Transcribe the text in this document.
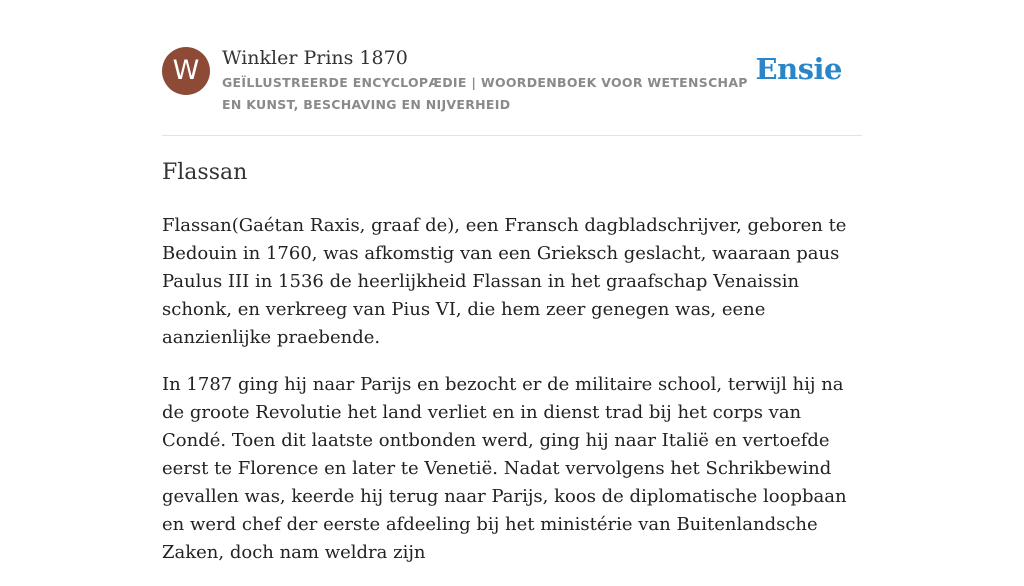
W	Winkler Prins 1870
GEÏLLUSTREERDE ENCYCLOPÆDIE | WOORDENBOEK VOOR WETENSCHAP EN KUNST, BESCHAVING EN NIJVERHEID
Ensie
Flassan

Flassan(Gaétan Raxis, graaf de), een Fransch dagbladschrijver, geboren te Bedouin in 1760, was afkomstig van een Grieksch geslacht, waaraan paus Paulus III in 1536 de heerlijkheid Flassan in het graafschap Venaissin schonk, en verkreeg van Pius VI, die hem zeer genegen was, eene aanzienlijke praebende.

In 1787 ging hij naar Parijs en bezocht er de militaire school, terwijl hij na de groote Revolutie het land verliet en in dienst trad bij het corps van Condé. Toen dit laatste ontbonden werd, ging hij naar Italië en vertoefde eerst te Florence en later te Venetië. Nadat vervolgens het Schrikbewind gevallen was, keerde hij terug naar Parijs, koos de diplomatische loopbaan en werd chef der eerste afdeeling bij het ministérie van Buitenlandsche Zaken, doch nam weldra zijn
